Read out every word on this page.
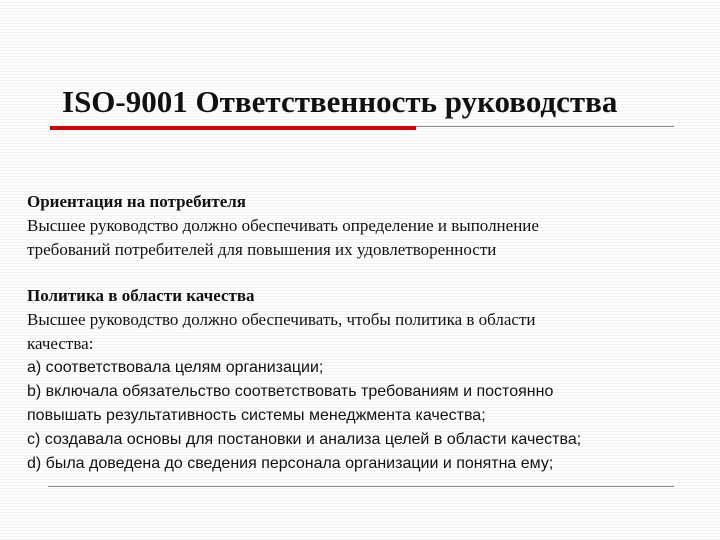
ISO-9001 Ответственность руководства

Ориентация на потребителя

Высшее руководство должно обеспечивать определение и выполнение

требований потребителей для повышения их удовлетворенности

Политика в области качества

Высшее руководство должно обеспечивать, чтобы политика в области

качества:

а) соответствовала целям организации;

b) включала обязательство соответствовать требованиям и постоянно

повышать результативность системы менеджмента качества;

c) создавала основы для постановки и анализа целей в области качества;

d) была доведена до сведения персонала организации и понятна ему;
